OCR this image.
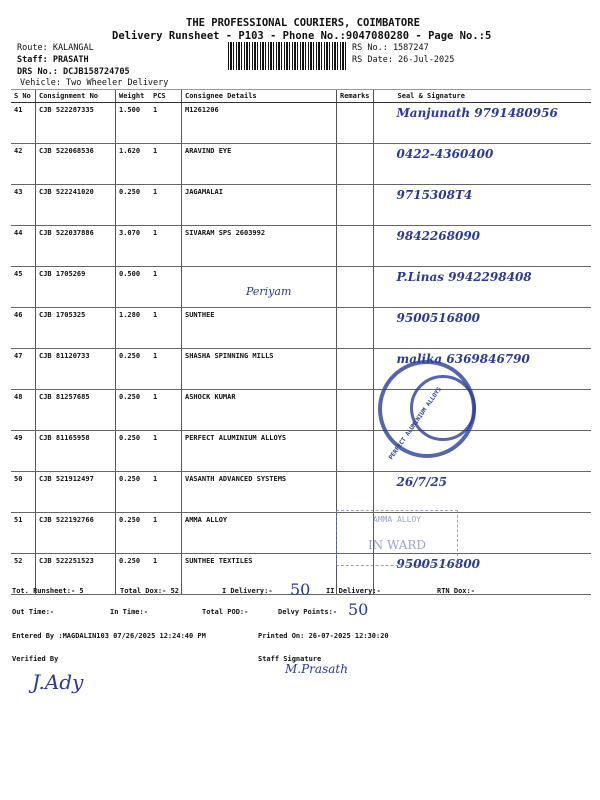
THE PROFESSIONAL COURIERS, COIMBATORE
Delivery Runsheet - P103 - Phone No.:9047080280 - Page No.:5
Route: KALANGAL
Staff: PRASATH
DRS No.: DCJB158724705
Vehicle: Two Wheeler Delivery
RS No.: 1587247
RS Date: 26-Jul-2025
S No	Consignment No	Weight	PCS	Consignee Details	Remarks	Seal & Signature
41	CJB 522287335	1.500	1	M1261206		Manjunath 9791480956
42	CJB 522068536	1.620	1	ARAVIND EYE		0422-4360400
43	CJB 522241020	0.250	1	JAGAMALAI		9715308T4
44	CJB 522037886	3.070	1	SIVARAM SPS 2603992		9842268090
45	CJB 1705269	0.500	1			P.Linas 9942298408
46	CJB 1705325	1.280	1	SUNTHEE		9500516800
47	CJB 81120733	0.250	1	SHASHA SPINNING MILLS		malika 6369846790
48	CJB 81257685	0.250	1	ASHOCK KUMAR		
49	CJB 81165958	0.250	1	PERFECT ALUMINIUM ALLOYS		
50	CJB 521912497	0.250	1	VASANTH ADVANCED SYSTEMS		26/7/25
51	CJB 522192766	0.250	1	AMMA ALLOY		
52	CJB 522251523	0.250	1	SUNTHEE TEXTILES		9500516800
PERFECT ALUMINIUM ALLOYS
AMMA ALLOY
IN WARD
Periyam
Tot. Runsheet:- 5	Total Dox:- 52	I Delivery:- 50 II Delivery:-	RTN Dox:-
Out Time:-	In Time:-	Total POD:-	Delvy Points:- 50
Entered By :MAGDALIN103 07/26/2025 12:24:40 PM	Printed On: 26-07-2025 12:30:20
Verified By	Staff Signature
M.Prasath
J.Ady
